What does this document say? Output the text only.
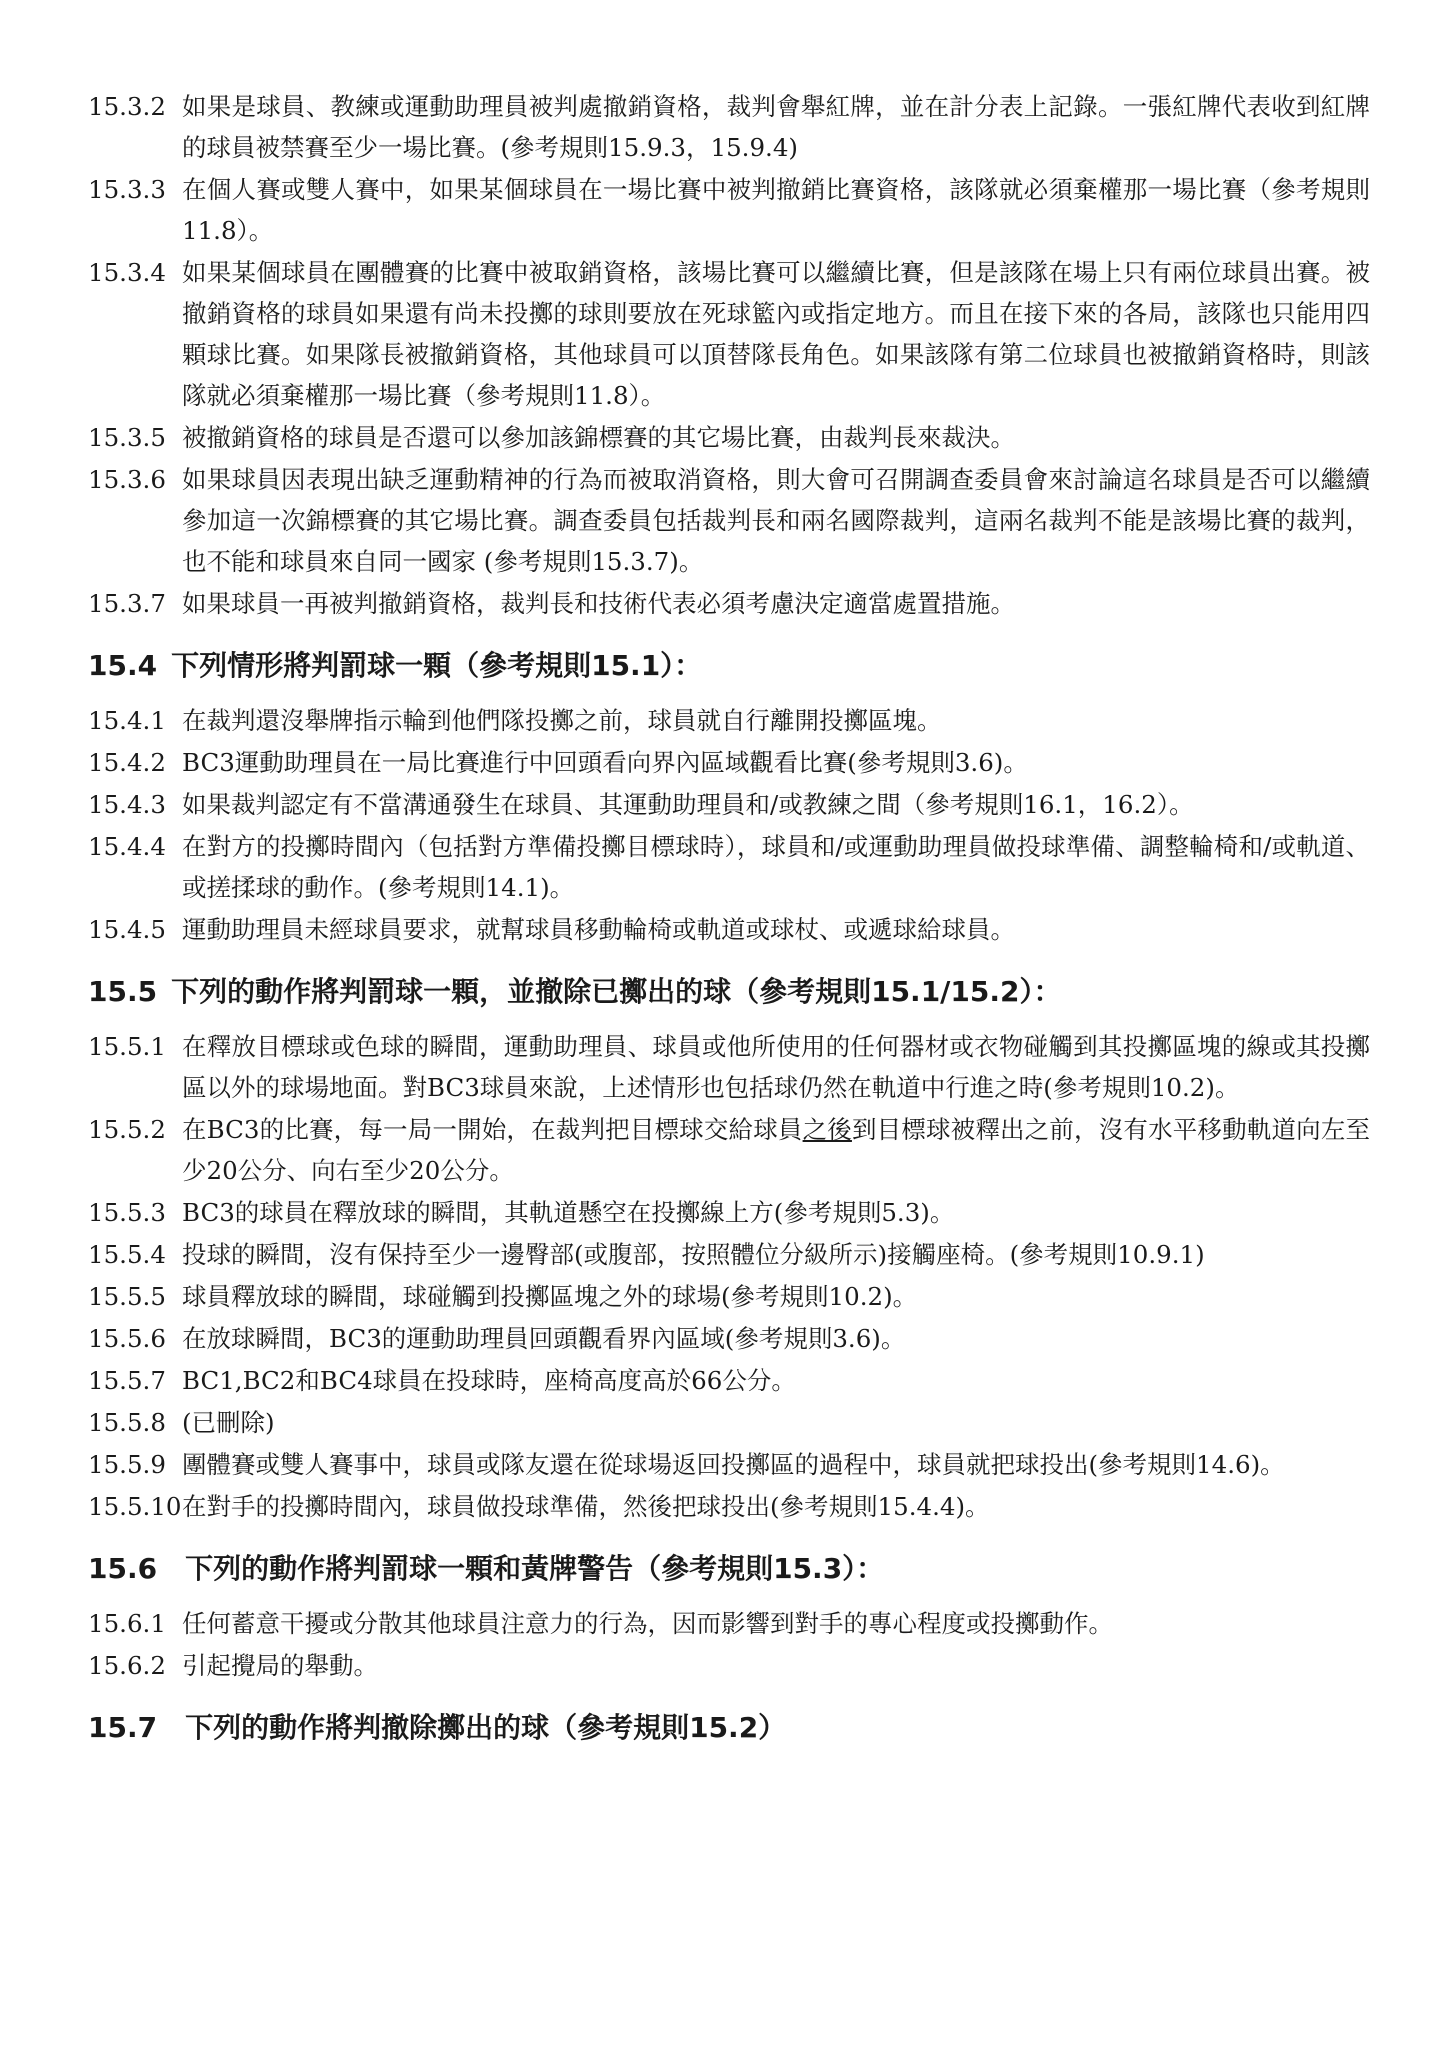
15.3.2 如果是球員、教練或運動助理員被判處撤銷資格，裁判會舉紅牌，並在計分表上記錄。一張紅牌代表收到紅牌的球員被禁賽至少一場比賽。(參考規則15.9.3，15.9.4)
15.3.3 在個人賽或雙人賽中，如果某個球員在一場比賽中被判撤銷比賽資格，該隊就必須棄權那一場比賽（參考規則11.8）。
15.3.4 如果某個球員在團體賽的比賽中被取銷資格，該場比賽可以繼續比賽，但是該隊在場上只有兩位球員出賽。被撤銷資格的球員如果還有尚未投擲的球則要放在死球籃內或指定地方。而且在接下來的各局，該隊也只能用四顆球比賽。如果隊長被撤銷資格，其他球員可以頂替隊長角色。如果該隊有第二位球員也被撤銷資格時，則該隊就必須棄權那一場比賽（參考規則11.8）。
15.3.5 被撤銷資格的球員是否還可以參加該錦標賽的其它場比賽，由裁判長來裁決。
15.3.6 如果球員因表現出缺乏運動精神的行為而被取消資格，則大會可召開調查委員會來討論這名球員是否可以繼續參加這一次錦標賽的其它場比賽。調查委員包括裁判長和兩名國際裁判，這兩名裁判不能是該場比賽的裁判，也不能和球員來自同一國家 (參考規則15.3.7)。
15.3.7 如果球員一再被判撤銷資格，裁判長和技術代表必須考慮決定適當處置措施。
15.4 下列情形將判罰球一顆（參考規則15.1）：
15.4.1 在裁判還沒舉牌指示輪到他們隊投擲之前，球員就自行離開投擲區塊。
15.4.2 BC3運動助理員在一局比賽進行中回頭看向界內區域觀看比賽(參考規則3.6)。
15.4.3 如果裁判認定有不當溝通發生在球員、其運動助理員和/或教練之間（參考規則16.1，16.2）。
15.4.4 在對方的投擲時間內（包括對方準備投擲目標球時），球員和/或運動助理員做投球準備、調整輪椅和/或軌道、或搓揉球的動作。(參考規則14.1)。
15.4.5 運動助理員未經球員要求，就幫球員移動輪椅或軌道或球杖、或遞球給球員。
15.5 下列的動作將判罰球一顆，並撤除已擲出的球（參考規則15.1/15.2）：
15.5.1 在釋放目標球或色球的瞬間，運動助理員、球員或他所使用的任何器材或衣物碰觸到其投擲區塊的線或其投擲區以外的球場地面。對BC3球員來說，上述情形也包括球仍然在軌道中行進之時(參考規則10.2)。
15.5.2 在BC3的比賽，每一局一開始，在裁判把目標球交給球員之後到目標球被釋出之前，沒有水平移動軌道向左至少20公分、向右至少20公分。
15.5.3 BC3的球員在釋放球的瞬間，其軌道懸空在投擲線上方(參考規則5.3)。
15.5.4 投球的瞬間，沒有保持至少一邊臀部(或腹部，按照體位分級所示)接觸座椅。(參考規則10.9.1)
15.5.5 球員釋放球的瞬間，球碰觸到投擲區塊之外的球場(參考規則10.2)。
15.5.6 在放球瞬間，BC3的運動助理員回頭觀看界內區域(參考規則3.6)。
15.5.7 BC1,BC2和BC4球員在投球時，座椅高度高於66公分。
15.5.8 (已刪除)
15.5.9 團體賽或雙人賽事中，球員或隊友還在從球場返回投擲區的過程中，球員就把球投出(參考規則14.6)。
15.5.10 在對手的投擲時間內，球員做投球準備，然後把球投出(參考規則15.4.4)。
15.6 下列的動作將判罰球一顆和黃牌警告（參考規則15.3）：
15.6.1 任何蓄意干擾或分散其他球員注意力的行為，因而影響到對手的專心程度或投擲動作。
15.6.2 引起攪局的舉動。
15.7 下列的動作將判撤除擲出的球（參考規則15.2）
